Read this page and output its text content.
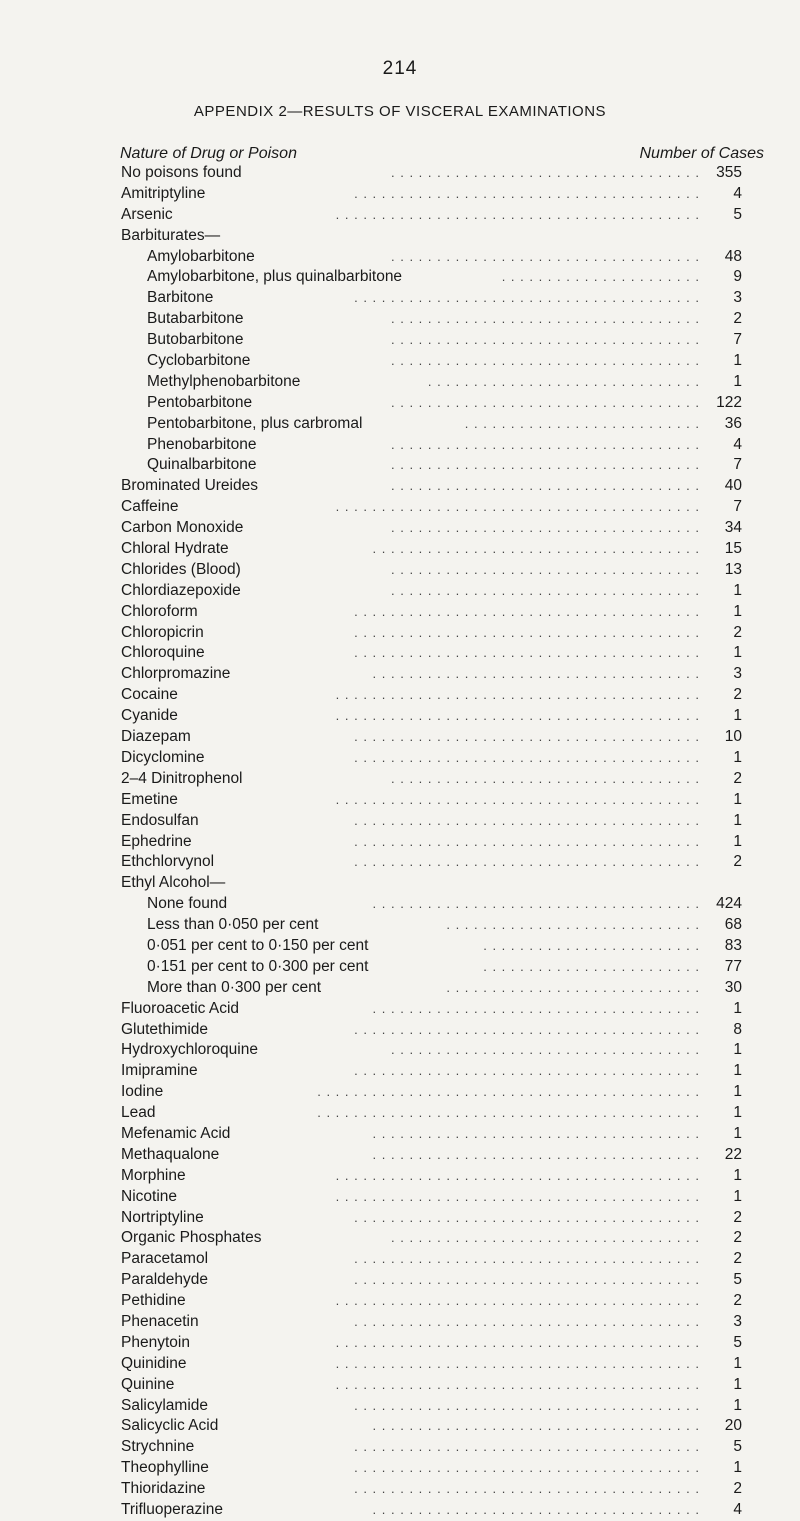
214
APPENDIX 2—RESULTS OF VISCERAL EXAMINATIONS
Nature of Drug or Poison	Number of Cases
No poisons found	355
. . . . . . . . . . . . . . . . . . . . . . . . . . . . . . . . . .
Amitriptyline	4
. . . . . . . . . . . . . . . . . . . . . . . . . . . . . . . . . . . . . .
Arsenic	5
. . . . . . . . . . . . . . . . . . . . . . . . . . . . . . . . . . . . . . . .
Barbiturates—
Amylobarbitone	48
. . . . . . . . . . . . . . . . . . . . . . . . . . . . . . . . . .
Amylobarbitone, plus quinalbarbitone	9
. . . . . . . . . . . . . . . . . . . . . .
Barbitone	3
. . . . . . . . . . . . . . . . . . . . . . . . . . . . . . . . . . . . . .
Butabarbitone	2
. . . . . . . . . . . . . . . . . . . . . . . . . . . . . . . . . .
Butobarbitone	7
. . . . . . . . . . . . . . . . . . . . . . . . . . . . . . . . . .
Cyclobarbitone	1
. . . . . . . . . . . . . . . . . . . . . . . . . . . . . . . . . .
Methylphenobarbitone	1
. . . . . . . . . . . . . . . . . . . . . . . . . . . . . .
Pentobarbitone	122
. . . . . . . . . . . . . . . . . . . . . . . . . . . . . . . . . .
Pentobarbitone, plus carbromal	36
. . . . . . . . . . . . . . . . . . . . . . . . . .
Phenobarbitone	4
. . . . . . . . . . . . . . . . . . . . . . . . . . . . . . . . . .
Quinalbarbitone	7
. . . . . . . . . . . . . . . . . . . . . . . . . . . . . . . . . .
Brominated Ureides	40
. . . . . . . . . . . . . . . . . . . . . . . . . . . . . . . . . .
Caffeine	7
. . . . . . . . . . . . . . . . . . . . . . . . . . . . . . . . . . . . . . . .
Carbon Monoxide	34
. . . . . . . . . . . . . . . . . . . . . . . . . . . . . . . . . .
Chloral Hydrate	15
. . . . . . . . . . . . . . . . . . . . . . . . . . . . . . . . . . . .
Chlorides (Blood)	13
. . . . . . . . . . . . . . . . . . . . . . . . . . . . . . . . . .
Chlordiazepoxide	1
. . . . . . . . . . . . . . . . . . . . . . . . . . . . . . . . . .
Chloroform	1
. . . . . . . . . . . . . . . . . . . . . . . . . . . . . . . . . . . . . .
Chloropicrin	2
. . . . . . . . . . . . . . . . . . . . . . . . . . . . . . . . . . . . . .
Chloroquine	1
. . . . . . . . . . . . . . . . . . . . . . . . . . . . . . . . . . . . . .
Chlorpromazine	3
. . . . . . . . . . . . . . . . . . . . . . . . . . . . . . . . . . . .
Cocaine	2
. . . . . . . . . . . . . . . . . . . . . . . . . . . . . . . . . . . . . . . .
Cyanide	1
. . . . . . . . . . . . . . . . . . . . . . . . . . . . . . . . . . . . . . . .
Diazepam	10
. . . . . . . . . . . . . . . . . . . . . . . . . . . . . . . . . . . . . .
Dicyclomine	1
. . . . . . . . . . . . . . . . . . . . . . . . . . . . . . . . . . . . . .
2–4 Dinitrophenol	2
. . . . . . . . . . . . . . . . . . . . . . . . . . . . . . . . . .
Emetine	1
. . . . . . . . . . . . . . . . . . . . . . . . . . . . . . . . . . . . . . . .
Endosulfan	1
. . . . . . . . . . . . . . . . . . . . . . . . . . . . . . . . . . . . . .
Ephedrine	1
. . . . . . . . . . . . . . . . . . . . . . . . . . . . . . . . . . . . . .
Ethchlorvynol	2
. . . . . . . . . . . . . . . . . . . . . . . . . . . . . . . . . . . . . .
Ethyl Alcohol—
None found	424
. . . . . . . . . . . . . . . . . . . . . . . . . . . . . . . . . . . .
Less than 0·050 per cent	68
. . . . . . . . . . . . . . . . . . . . . . . . . . . .
0·051 per cent to 0·150 per cent	83
. . . . . . . . . . . . . . . . . . . . . . . .
0·151 per cent to 0·300 per cent	77
. . . . . . . . . . . . . . . . . . . . . . . .
More than 0·300 per cent	30
. . . . . . . . . . . . . . . . . . . . . . . . . . . .
Fluoroacetic Acid	1
. . . . . . . . . . . . . . . . . . . . . . . . . . . . . . . . . . . .
Glutethimide	8
. . . . . . . . . . . . . . . . . . . . . . . . . . . . . . . . . . . . . .
Hydroxychloroquine	1
. . . . . . . . . . . . . . . . . . . . . . . . . . . . . . . . . .
Imipramine	1
. . . . . . . . . . . . . . . . . . . . . . . . . . . . . . . . . . . . . .
Iodine	1
. . . . . . . . . . . . . . . . . . . . . . . . . . . . . . . . . . . . . . . . . .
Lead	1
. . . . . . . . . . . . . . . . . . . . . . . . . . . . . . . . . . . . . . . . . .
Mefenamic Acid	1
. . . . . . . . . . . . . . . . . . . . . . . . . . . . . . . . . . . .
Methaqualone	22
. . . . . . . . . . . . . . . . . . . . . . . . . . . . . . . . . . . .
Morphine	1
. . . . . . . . . . . . . . . . . . . . . . . . . . . . . . . . . . . . . . . .
Nicotine	1
. . . . . . . . . . . . . . . . . . . . . . . . . . . . . . . . . . . . . . . .
Nortriptyline	2
. . . . . . . . . . . . . . . . . . . . . . . . . . . . . . . . . . . . . .
Organic Phosphates	2
. . . . . . . . . . . . . . . . . . . . . . . . . . . . . . . . . .
Paracetamol	2
. . . . . . . . . . . . . . . . . . . . . . . . . . . . . . . . . . . . . .
Paraldehyde	5
. . . . . . . . . . . . . . . . . . . . . . . . . . . . . . . . . . . . . .
Pethidine	2
. . . . . . . . . . . . . . . . . . . . . . . . . . . . . . . . . . . . . . . .
Phenacetin	3
. . . . . . . . . . . . . . . . . . . . . . . . . . . . . . . . . . . . . .
Phenytoin	5
. . . . . . . . . . . . . . . . . . . . . . . . . . . . . . . . . . . . . . . .
Quinidine	1
. . . . . . . . . . . . . . . . . . . . . . . . . . . . . . . . . . . . . . . .
Quinine	1
. . . . . . . . . . . . . . . . . . . . . . . . . . . . . . . . . . . . . . . .
Salicylamide	1
. . . . . . . . . . . . . . . . . . . . . . . . . . . . . . . . . . . . . .
Salicyclic Acid	20
. . . . . . . . . . . . . . . . . . . . . . . . . . . . . . . . . . . .
Strychnine	5
. . . . . . . . . . . . . . . . . . . . . . . . . . . . . . . . . . . . . .
Theophylline	1
. . . . . . . . . . . . . . . . . . . . . . . . . . . . . . . . . . . . . .
Thioridazine	2
. . . . . . . . . . . . . . . . . . . . . . . . . . . . . . . . . . . . . .
Trifluoperazine	4
. . . . . . . . . . . . . . . . . . . . . . . . . . . . . . . . . . . .
